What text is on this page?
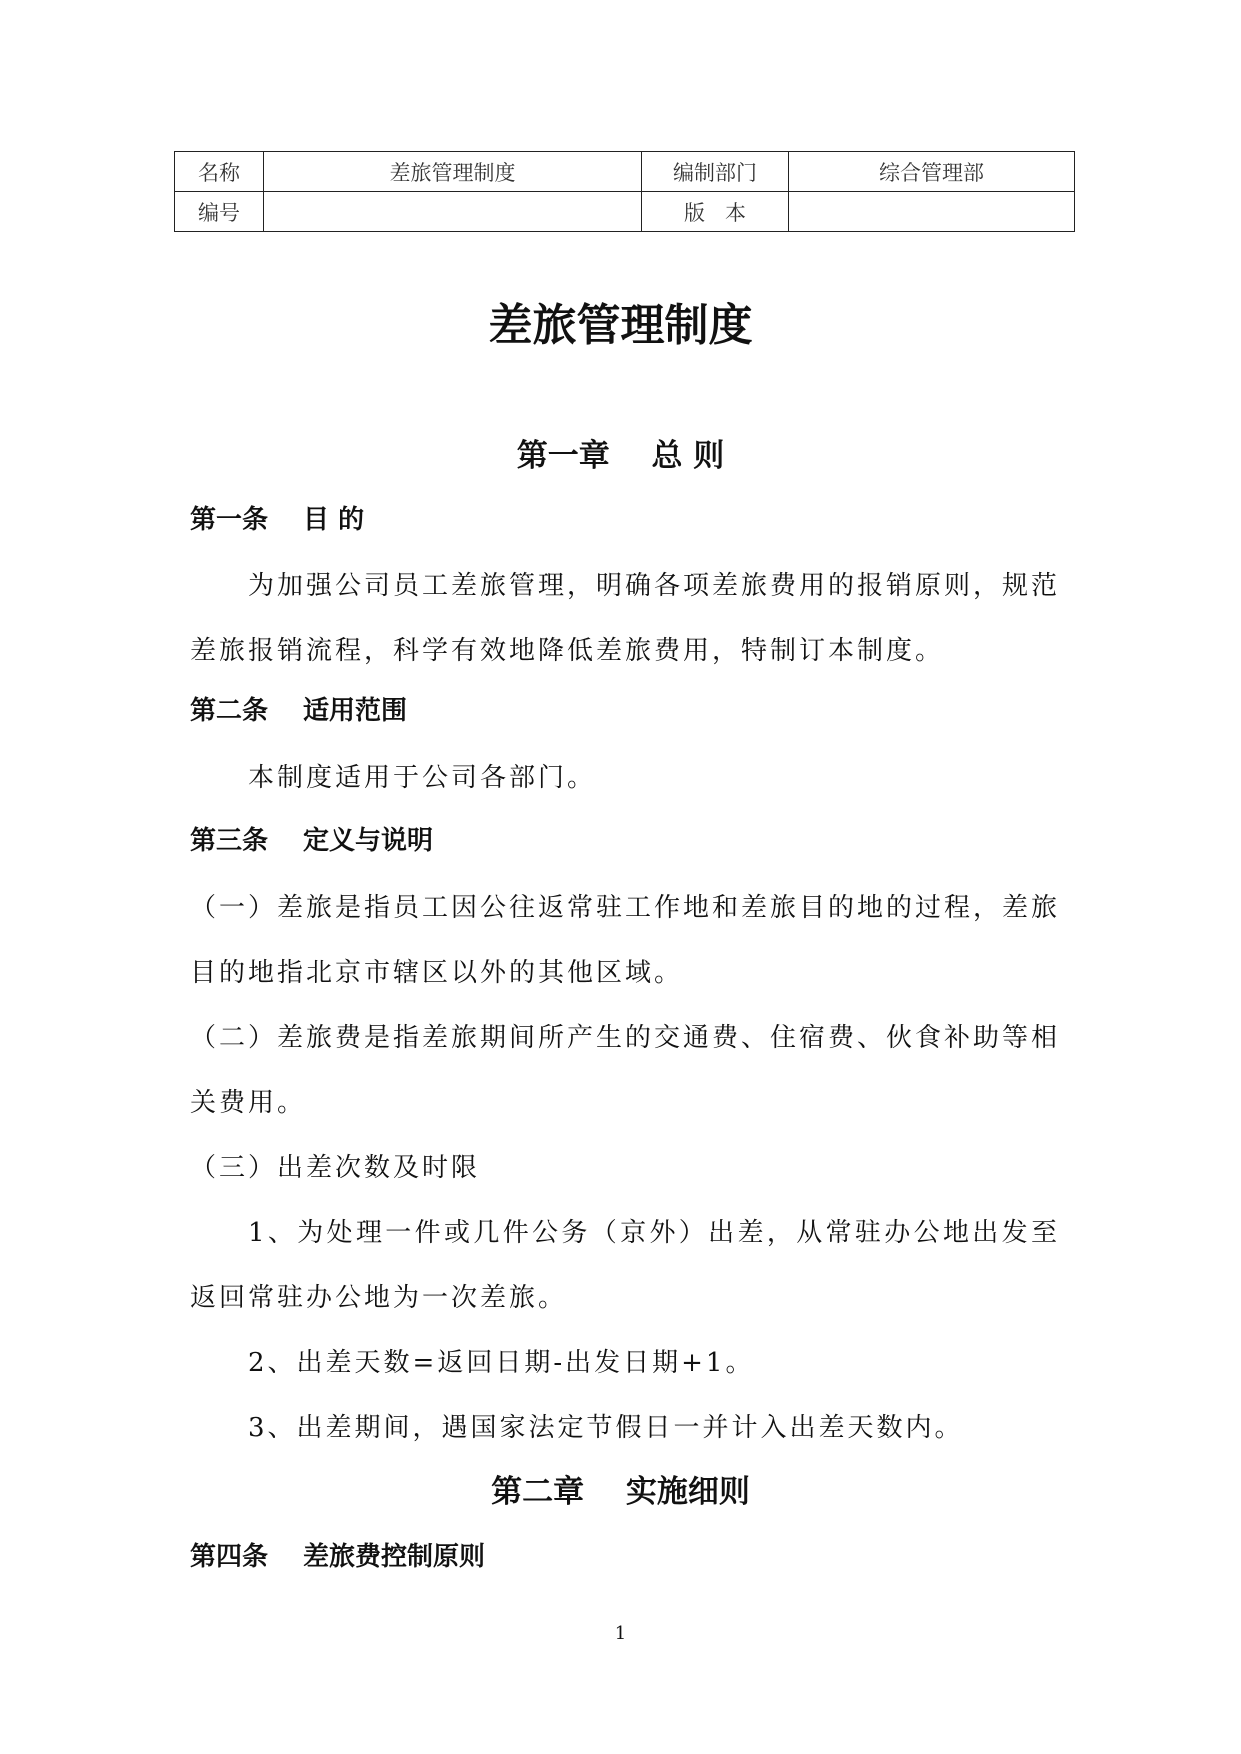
名称	差旅管理制度	编制部门	综合管理部
编号		版本	
差旅管理制度
第一章　 总 则
第一条　 目 的

为加强公司员工差旅管理，明确各项差旅费用的报销原则，规范差旅报销流程，科学有效地降低差旅费用，特制订本制度。

第二条　 适用范围

本制度适用于公司各部门。

第三条　 定义与说明

（一）差旅是指员工因公往返常驻工作地和差旅目的地的过程，差旅目的地指北京市辖区以外的其他区域。

（二）差旅费是指差旅期间所产生的交通费、住宿费、伙食补助等相关费用。

（三）出差次数及时限

1、为处理一件或几件公务（京外）出差，从常驻办公地出发至返回常驻办公地为一次差旅。

2、出差天数=返回日期-出发日期+1。

3、出差期间，遇国家法定节假日一并计入出差天数内。

第二章　 实施细则
第四条　 差旅费控制原则
1
